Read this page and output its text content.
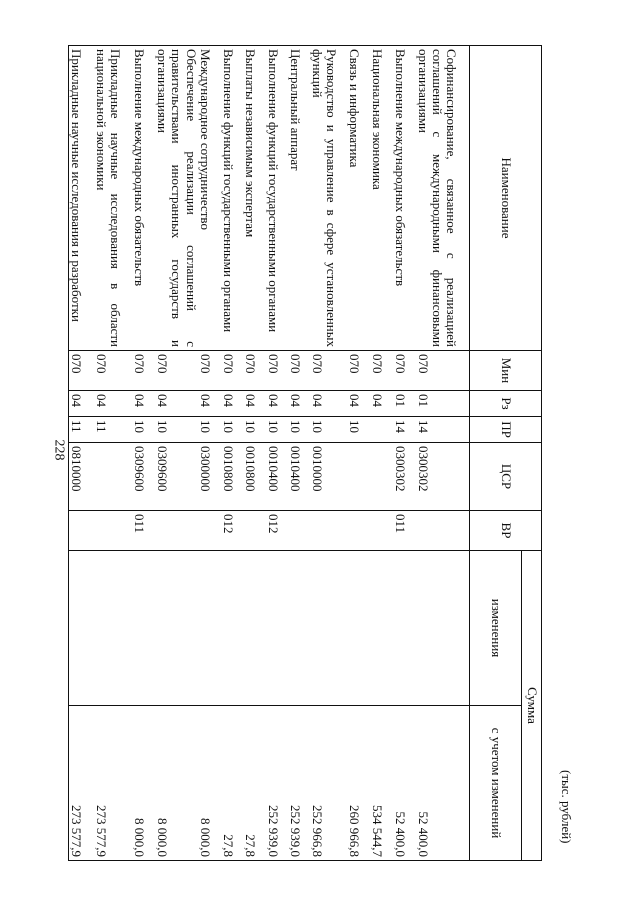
228
(тыс. рублей)
Наименование	Мин	Рз	ПР	ЦСР	ВР	Сумма	
						изменения	с учетом изменений
Софинансирование, связанное с реализацией соглашений с международными финансовыми организациями	070	01	14	0300302			52 400,0
Выполнение международных обязательств	070	01	14	0300302	011		52 400,0
Национальная экономика	070	04					534 544,7
Связь и информатика	070	04	10				260 966,8
Руководство и управление в сфере установленных функций	070	04	10	0010000			252 966,8
Центральный аппарат	070	04	10	0010400			252 939,0
Выполнение функций государственными органами	070	04	10	0010400	012		252 939,0
Выплаты независимым экспертам	070	04	10	0010800			27,8
Выполнение функций государственными органами	070	04	10	0010800	012		27,8
Международное сотрудничество	070	04	10	0300000			8 000,0
Обеспечение реализации соглашений с правительствами иностранных государств и организациями	070	04	10	0309600			8 000,0
Выполнение международных обязательств	070	04	10	0309600	011		8 000,0
Прикладные научные исследования в области национальной экономики	070	04	11				273 577,9
Прикладные научные исследования и разработки	070	04	11	0810000			273 577,9
